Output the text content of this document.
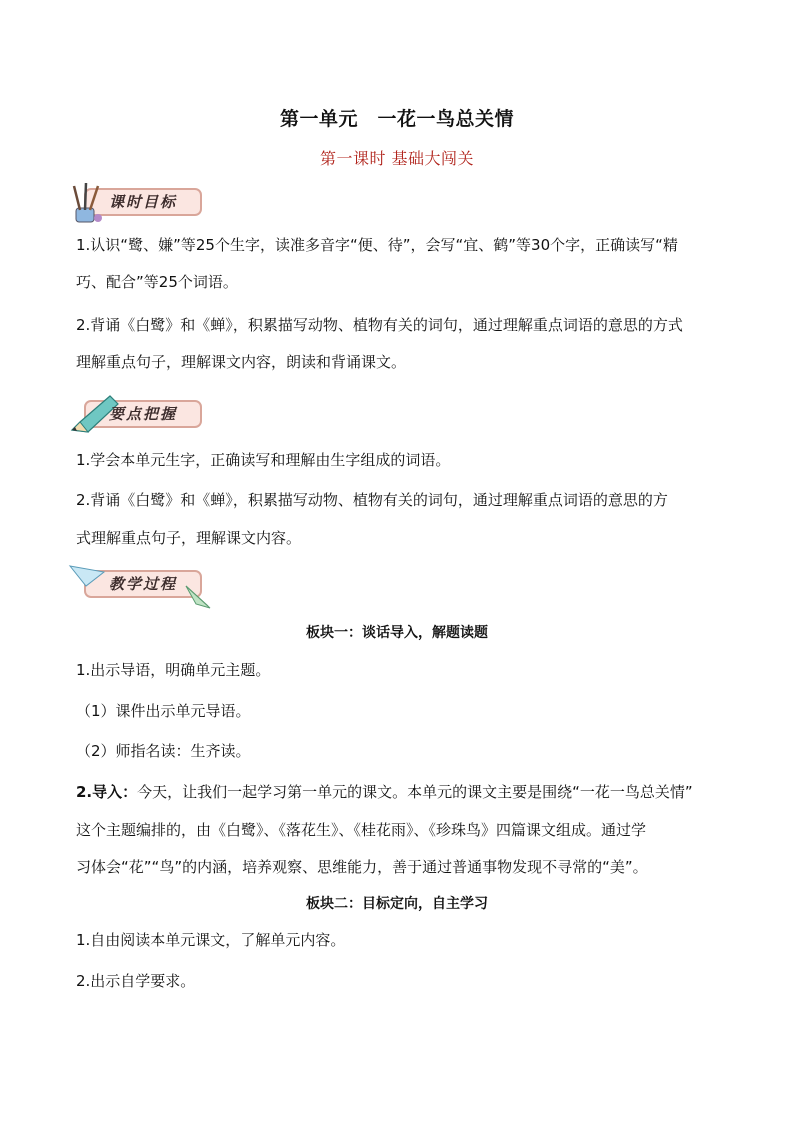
第一单元　一花一鸟总关情
第一课时 基础大闯关
课时目标
1.认识“鹭、嫌”等25个生字，读准多音字“便、待”，会写“宜、鹤”等30个字，正确读写“精
巧、配合”等25个词语。
2.背诵《白鹭》和《蝉》，积累描写动物、植物有关的词句，通过理解重点词语的意思的方式
理解重点句子，理解课文内容，朗读和背诵课文。
要点把握
1.学会本单元生字，正确读写和理解由生字组成的词语。
2.背诵《白鹭》和《蝉》，积累描写动物、植物有关的词句，通过理解重点词语的意思的方
式理解重点句子，理解课文内容。
教学过程
板块一：谈话导入，解题读题
1.出示导语，明确单元主题。
（1）课件出示单元导语。
（2）师指名读：生齐读。
2.导入：今天，让我们一起学习第一单元的课文。本单元的课文主要是围绕“一花一鸟总关情”
这个主题编排的，由《白鹭》、《落花生》、《桂花雨》、《珍珠鸟》四篇课文组成。通过学
习体会“花”“鸟”的内涵，培养观察、思维能力，善于通过普通事物发现不寻常的“美”。
板块二：目标定向，自主学习
1.自由阅读本单元课文，了解单元内容。
2.出示自学要求。
